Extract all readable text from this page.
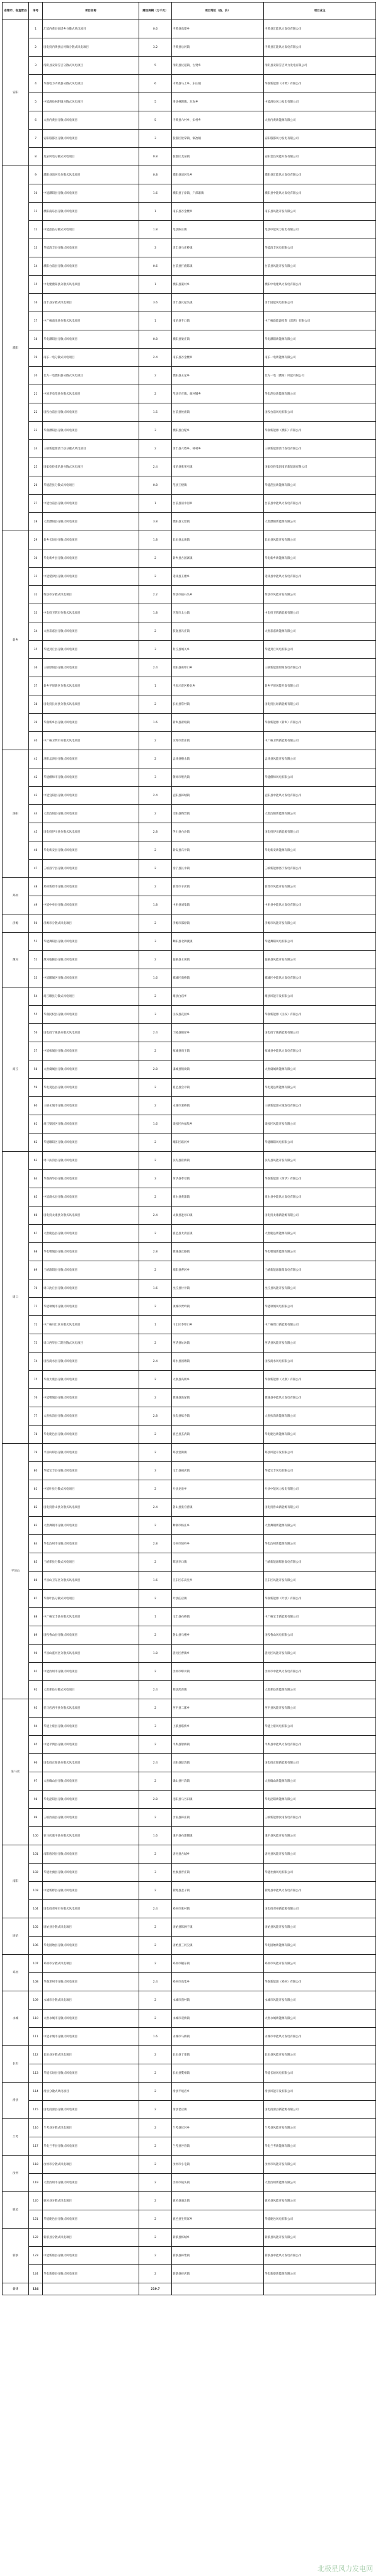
省辖市、省直管县	序号	项目名称	建设规模（万千瓦）	项目地址（县、乡）	项目业主
安阳	1	汇能内黄县高堤乡分散式风电项目	0.6	内黄县高堤乡	内黄县汇能风力发电有限公司
	2	国电投内黄县后河镇分散式风电项目	3.2	内黄县后河镇	内黄县汇能风力发电有限公司
	3	汤阴县安阳雪吉分散式风电项目	5	汤阴县伏道镇、古贤乡	汤阴县安阳雪吉风力发电有限公司
	4	华润电力内黄县分散式风电项目	6	内黄县马上乡、东庄镇	华润新能源（内黄）有限公司
	5	中能滑县林阴镇分散式风电项目	5	滑县林阴镇、瓦岗乡	中能滑县风力发电有限公司
	6	大唐内黄县分散式风电项目	5	内黄县六村乡、宋村乡	大唐内黄新能源有限公司
	7	安阳殷都区分散式风电项目	3	殷都区伦掌镇、铜冶镇	安阳殷都风力发电有限公司
	8	龙泉风电分散式风电项目	0.8	殷都区龙泉镇	安阳金昌风能开发有限公司
濮阳	9	濮阳县清河头分散式风电项目	0.8	濮阳县清河头乡	濮阳县汇能风力发电有限公司
	10	中能濮阳县分散式风电项目	1.6	濮阳县子岸镇、户部寨镇	濮阳县中能风力发电有限公司
	11	濮阳南乐县分散式风电项目	1	南乐县谷金楼乡	南乐县风能开发有限公司
	12	中能范县分散式风电项目	1.8	范县陈庄镇	范县中能风力发电有限公司
	13	华能清丰县分散式风电项目	3	清丰县马庄桥镇	华能清丰风电有限公司
	14	濮阳台前县分散式风电项目	0.6	台前县打渔陈镇	台前县风能开发有限公司
	15	中电建濮阳县分散式风电项目	1	濮阳县渠村乡	濮阳中电建风力发电有限公司
	16	清丰县分散式风电项目	3.6	清丰县瓦屋头镇	清丰国能风电有限公司
	17	中广核南乐县分散式风电项目	1	南乐县千口镇	中广核新能源投资（深圳）有限公司
	18	华电濮阳县分散式风电项目	0.8	濮阳县梁庄镇	华电濮阳新能源有限公司
	19	南乐一电分散式风电项目	2.4	南乐县谷金楼乡	南乐一电新能源有限公司
	20	北方一电濮阳县分散式风电项目	2	濮阳县五星乡	北方一电（濮阳）风能有限公司
	21	中国华电范县分散式风电项目	2	范县辛庄镇、颜村铺乡	华电范县新能源有限公司
	22	国投台前县分散式风电项目	1.5	台前县侯庙镇	国投台前风电有限公司
	23	华润濮阳县分散式风电项目	3	濮阳县白堽乡	华润新能源（濮阳）有限公司
	24	三峡新能源清丰县分散式风电项目	2	清丰县六塔乡、韩村乡	三峡新能源清丰发电有限公司
	25	国家电投南乐县分散式风电项目	2.4	南乐县张果屯镇	国家电投集团南乐新能源有限公司
	26	华能范县分散式风电项目	0.8	范县王楼镇	华能范县新能源有限公司
	27	中能台前县分散式风电项目	1	台前县清水河乡	台前县中能风力发电有限公司
	28	大唐濮阳县分散式风电项目	3.8	濮阳县文留镇	大唐濮阳新能源有限公司
新乡	29	新乡长垣县分散式风电项目	1.8	长垣县孟岗镇	长垣县风能开发有限公司
	30	华电新乡县分散式风电项目	2	新乡县古固寨镇	华电新乡新能源有限公司
	31	中能延津县分散式风电项目	2	延津县王楼乡	延津县中能风力发电有限公司
	32	辉县市分散式风电项目	2.2	辉县市拍石头乡	辉县市风能开发有限公司
	33	中电投卫辉市分散式风电项目	1.8	卫辉市太公镇	中电投卫辉新能源有限公司
	34	大唐获嘉县分散式风电项目	2	获嘉县冯庄镇	大唐获嘉新能源有限公司
	35	华能封丘县分散式风电项目	3	封丘县城关乡	华能封丘风电有限公司
	36	三峡原阳县分散式风电项目	2.4	原阳县葛埠口乡	三峡新能源原阳发电有限公司
	37	新乡平原新区分散式风电项目	1	平原示范区桥北乡	新乡平原风能开发有限公司
	38	国电投长垣县分散式风电项目	2	长垣县常村镇	国电投长垣新能源有限公司
	39	华润新乡县分散式风电项目	1.6	新乡县翟坡镇	华润新能源（新乡）有限公司
	40	中广核卫辉市分散式风电项目	2	卫辉市唐庄镇	中广核卫辉新能源有限公司
洛阳	41	洛阳孟津县分散式风电项目	2	孟津县横水镇	孟津县风能开发有限公司
	42	华能偃师市分散式风电项目	3	偃师市缑氏镇	华能偃师风电有限公司
	43	中能宜阳县分散式风电项目	2.4	宜阳县韩城镇	宜阳县中能风力发电有限公司
	44	大唐汝阳县分散式风电项目	2	汝阳县陶营镇	大唐汝阳新能源有限公司
	45	国电投伊川县分散式风电项目	2.8	伊川县白沙镇	国电投伊川新能源有限公司
	46	华电新安县分散式风电项目	2	新安县石井镇	华电新安新能源有限公司
	47	三峡洛宁县分散式风电项目	2	洛宁县长水镇	三峡新能源洛宁发电有限公司
郑州	48	郑州新郑市分散式风电项目	2	新郑市辛店镇	新郑市风能开发有限公司
	49	中能中牟县分散式风电项目	1.8	中牟县刘集镇	中牟县中能风力发电有限公司
济源	50	济源市分散式风电项目	2	济源市邵原镇	济源市风能开发有限公司
漯河	51	华能舞阳县分散式风电项目	3	舞阳县北舞渡镇	华能舞阳风电有限公司
	52	漯河临颍县分散式风电项目	2	临颍县王岗镇	临颍县风能开发有限公司
	53	中能郾城区分散式风电项目	1.6	郾城区商桥镇	郾城区中能风力发电有限公司
商丘	54	商丘睢县分散式风电项目	2	睢县白庙乡	睢县风能开发有限公司
	55	华润民权县分散式风电项目	3	民权县花园乡	华润新能源（民权）有限公司
	56	国电投宁陵县分散式风电项目	2.4	宁陵县阳驿乡	国电投宁陵新能源有限公司
	57	中能柘城县分散式风电项目	2	柘城县岗王镇	柘城县中能风力发电有限公司
	58	大唐虞城县分散式风电项目	2.8	虞城县稍岗镇	大唐虞城新能源有限公司
	59	华电夏邑县分散式风电项目	2	夏邑县会亭镇	华电夏邑新能源有限公司
	60	三峡永城市分散式风电项目	2	永城市裴桥镇	三峡新能源永城发电有限公司
	61	商丘梁园区分散式风电项目	1.6	梁园区孙福集乡	梁园区风能开发有限公司
	62	华能睢阳区分散式风电项目	2	睢阳区路河乡	华能睢阳风电有限公司
周口	63	周口扶沟县分散式风电项目	2	扶沟县崔桥镇	扶沟县风能开发有限公司
	64	华润西华县分散式风电项目	3	西华县奉母镇	华润新能源（西华）有限公司
	65	中能商水县分散式风电项目	2	商水县黄寨镇	商水县中能风力发电有限公司
	66	国电投太康县分散式风电项目	2.4	太康县逊母口镇	国电投太康新能源有限公司
	67	大唐鹿邑县分散式风电项目	2	鹿邑县太清宫镇	大唐鹿邑新能源有限公司
	68	华电郸城县分散式风电项目	2.8	郸城县宜路镇	华电郸城新能源有限公司
	69	三峡淮阳县分散式风电项目	2	淮阳县曹河乡	三峡新能源淮阳发电有限公司
	70	周口沈丘县分散式风电项目	1.6	沈丘县付井镇	沈丘县风能开发有限公司
	71	华能项城市分散式风电项目	2	项城市贾岭镇	华能项城风电有限公司
	72	中广核川汇区分散式风电项目	1	川汇区李埠口乡	中广核周口新能源有限公司
	73	周口西华县二期分散式风电项目	2	西华县址坊镇	西华县风能开发有限公司
	74	国投商水县分散式风电项目	2.4	商水县固墙镇	国投商水风电有限公司
	75	华润太康县分散式风电项目	2	太康县高朗乡	华润新能源（太康）有限公司
	76	中能郸城县分散式风电项目	2	郸城县汲冢镇	郸城县中能风力发电有限公司
	77	大唐扶沟县分散式风电项目	2.8	扶沟县练寺镇	大唐扶沟新能源有限公司
	78	华电鹿邑县分散式风电项目	2	鹿邑县玄武镇	华电鹿邑新能源有限公司
平顶山	79	平顶山郏县分散式风电项目	2	郏县堂街镇	郏县风能开发有限公司
	80	华能宝丰县分散式风电项目	3	宝丰县闹店镇	华能宝丰风电有限公司
	81	中能叶县分散式风电项目	2	叶县龙泉乡	叶县中能风力发电有限公司
	82	国电投鲁山县分散式风电项目	2.4	鲁山县张官营镇	国电投鲁山新能源有限公司
	83	大唐舞钢市分散式风电项目	2	舞钢市杨庄乡	大唐舞钢新能源有限公司
	84	华电汝州市分散式风电项目	2.8	汝州市骑岭乡	华电汝州新能源有限公司
	85	三峡郏县分散式风电项目	2	郏县李口镇	三峡新能源郏县发电有限公司
	86	平顶山卫东区分散式风电项目	1.6	卫东区东高皇乡	卫东区风能开发有限公司
	87	华润叶县分散式风电项目	2	叶县任店镇	华润新能源（叶县）有限公司
	88	中广核宝丰县分散式风电项目	1	宝丰县石桥镇	中广核宝丰新能源有限公司
	89	国投鲁山县分散式风电项目	2	鲁山县马楼乡	国投鲁山风电有限公司
	90	平顶山湛河区分散式风电项目	1.8	湛河区曹镇乡	湛河区风能开发有限公司
	91	中能汝州市分散式风电项目	2	汝州市蟒川镇	汝州市中能风力发电有限公司
	92	大唐郏县分散式风电项目	2.4	郏县茨芭镇	大唐郏县新能源有限公司
驻马店	93	驻马店西平县分散式风电项目	2	西平县二郎乡	西平县风能开发有限公司
	94	华能上蔡县分散式风电项目	3	上蔡县塔桥乡	华能上蔡风电有限公司
	95	中能平舆县分散式风电项目	2	平舆县射桥镇	平舆县中能风力发电有限公司
	96	国电投正阳县分散式风电项目	2.4	正阳县陡沟镇	国电投正阳新能源有限公司
	97	大唐确山县分散式风电项目	2	确山县竹沟镇	大唐确山新能源有限公司
	98	华电泌阳县分散式风电项目	2.8	泌阳县马谷田镇	华电泌阳新能源有限公司
	99	三峡汝南县分散式风电项目	2	汝南县韩庄镇	三峡新能源汝南发电有限公司
	100	驻马店遂平县分散式风电项目	1.6	遂平县石寨铺镇	遂平县风能开发有限公司
南阳	101	南阳唐河县分散式风电项目	2	唐河县古城乡	唐河县风能开发有限公司
	102	华能社旗县分散式风电项目	3	社旗县晋庄镇	华能社旗风电有限公司
	103	中能新野县分散式风电项目	2	新野县歪子镇	新野县中能风力发电有限公司
	104	国电投邓州市分散式风电项目	2.4	邓州市张村镇	国电投邓州新能源有限公司
固始	105	固始县分散式风电项目	2	固始县陈淋子镇	固始县风能开发有限公司
	106	华电固始县分散式风电项目	2	固始县三河尖镇	华电固始新能源有限公司
邓州	107	邓州市分散式风电项目	2	邓州市穰东镇	邓州市风能开发有限公司
	108	华润邓州市分散式风电项目	2.4	邓州市高集乡	华润新能源（邓州）有限公司
永城	109	永城市分散式风电项目	2	永城市茴村镇	永城市风能开发有限公司
	110	大唐永城市分散式风电项目	2	永城市双桥镇	大唐永城新能源有限公司
	111	中能永城市分散式风电项目	1.6	永城市马桥镇	永城市中能风力发电有限公司
长垣	112	长垣县分散式风电项目	2	长垣县丁栾镇	长垣县风能开发有限公司
	113	华能长垣县分散式风电项目	2	长垣县樊相镇	华能长垣风电有限公司
滑县	114	滑县分散式风电项目	2	滑县半坡店乡	滑县风能开发有限公司
	115	国电投滑县分散式风电项目	2	滑县老店镇	国电投滑县新能源有限公司
兰考	116	兰考县分散式风电项目	2	兰考县仪封乡	兰考县风能开发有限公司
	117	华电兰考县分散式风电项目	2	兰考县谷营镇	华电兰考新能源有限公司
汝州	118	汝州市分散式风电项目	2	汝州市小屯镇	汝州市风能开发有限公司
	119	大唐汝州市分散式风电项目	2	汝州市陵头镇	大唐汝州新能源有限公司
鹿邑	120	鹿邑县分散式风电项目	2	鹿邑县涡北镇	鹿邑县风能开发有限公司
	121	华能鹿邑县分散式风电项目	2	鹿邑县生铁冢乡	华能鹿邑风电有限公司
新蔡	122	新蔡县分散式风电项目	2	新蔡县栎城乡	新蔡县风能开发有限公司
	123	中能新蔡县分散式风电项目	2	新蔡县韩集镇	新蔡县中能风力发电有限公司
	124	华电新蔡县分散式风电项目	2	新蔡县砖店镇	华电新蔡新能源有限公司
合计	124		210.7		
北极星风力发电网
